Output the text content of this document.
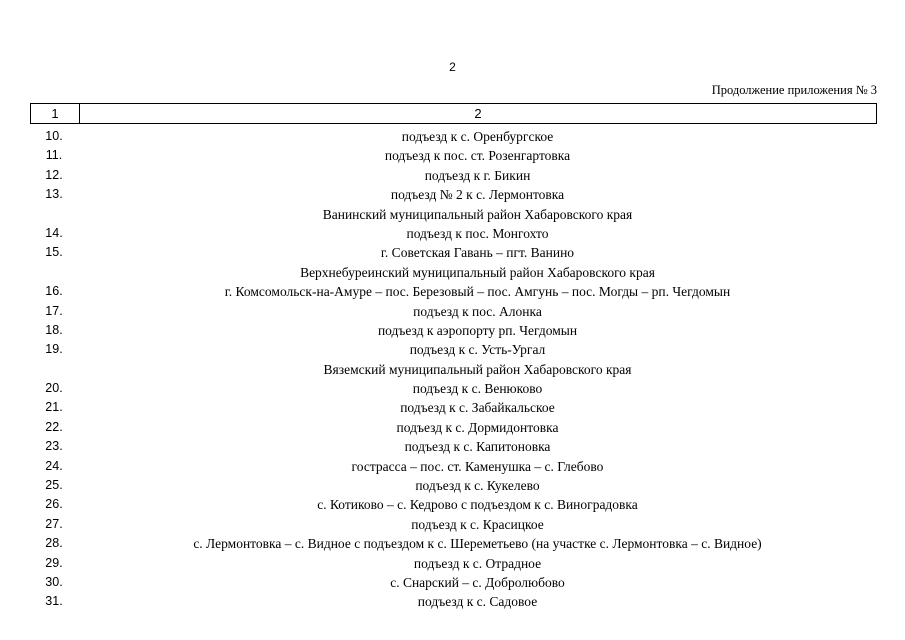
2
Продолжение приложения № 3
1	2
10.	подъезд к с. Оренбургское
11.	подъезд к пос. ст. Розенгартовка
12.	подъезд к г. Бикин
13.	подъезд № 2 к с. Лермонтовка
Ванинский муниципальный район Хабаровского края
14.	подъезд к пос. Монгохто
15.	г. Советская Гавань – пгт. Ванино
Верхнебуреинский муниципальный район Хабаровского края
16.	г. Комсомольск-на-Амуре – пос. Березовый – пос. Амгунь – пос. Могды – рп. Чегдомын
17.	подъезд к пос. Алонка
18.	подъезд к аэропорту рп. Чегдомын
19.	подъезд к с. Усть-Ургал
Вяземский муниципальный район Хабаровского края
20.	подъезд к с. Венюково
21.	подъезд к с. Забайкальское
22.	подъезд к с. Дормидонтовка
23.	подъезд к с. Капитоновка
24.	гострасса – пос. ст. Каменушка – с. Глебово
25.	подъезд к с. Кукелево
26.	с. Котиково – с. Кедрово с подъездом к с. Виноградовка
27.	подъезд к с. Красицкое
28.	с. Лермонтовка – с. Видное с подъездом к с. Шереметьево (на участке с. Лермонтовка – с. Видное)
29.	подъезд к с. Отрадное
30.	с. Снарский – с. Добролюбово
31.	подъезд к с. Садовое
